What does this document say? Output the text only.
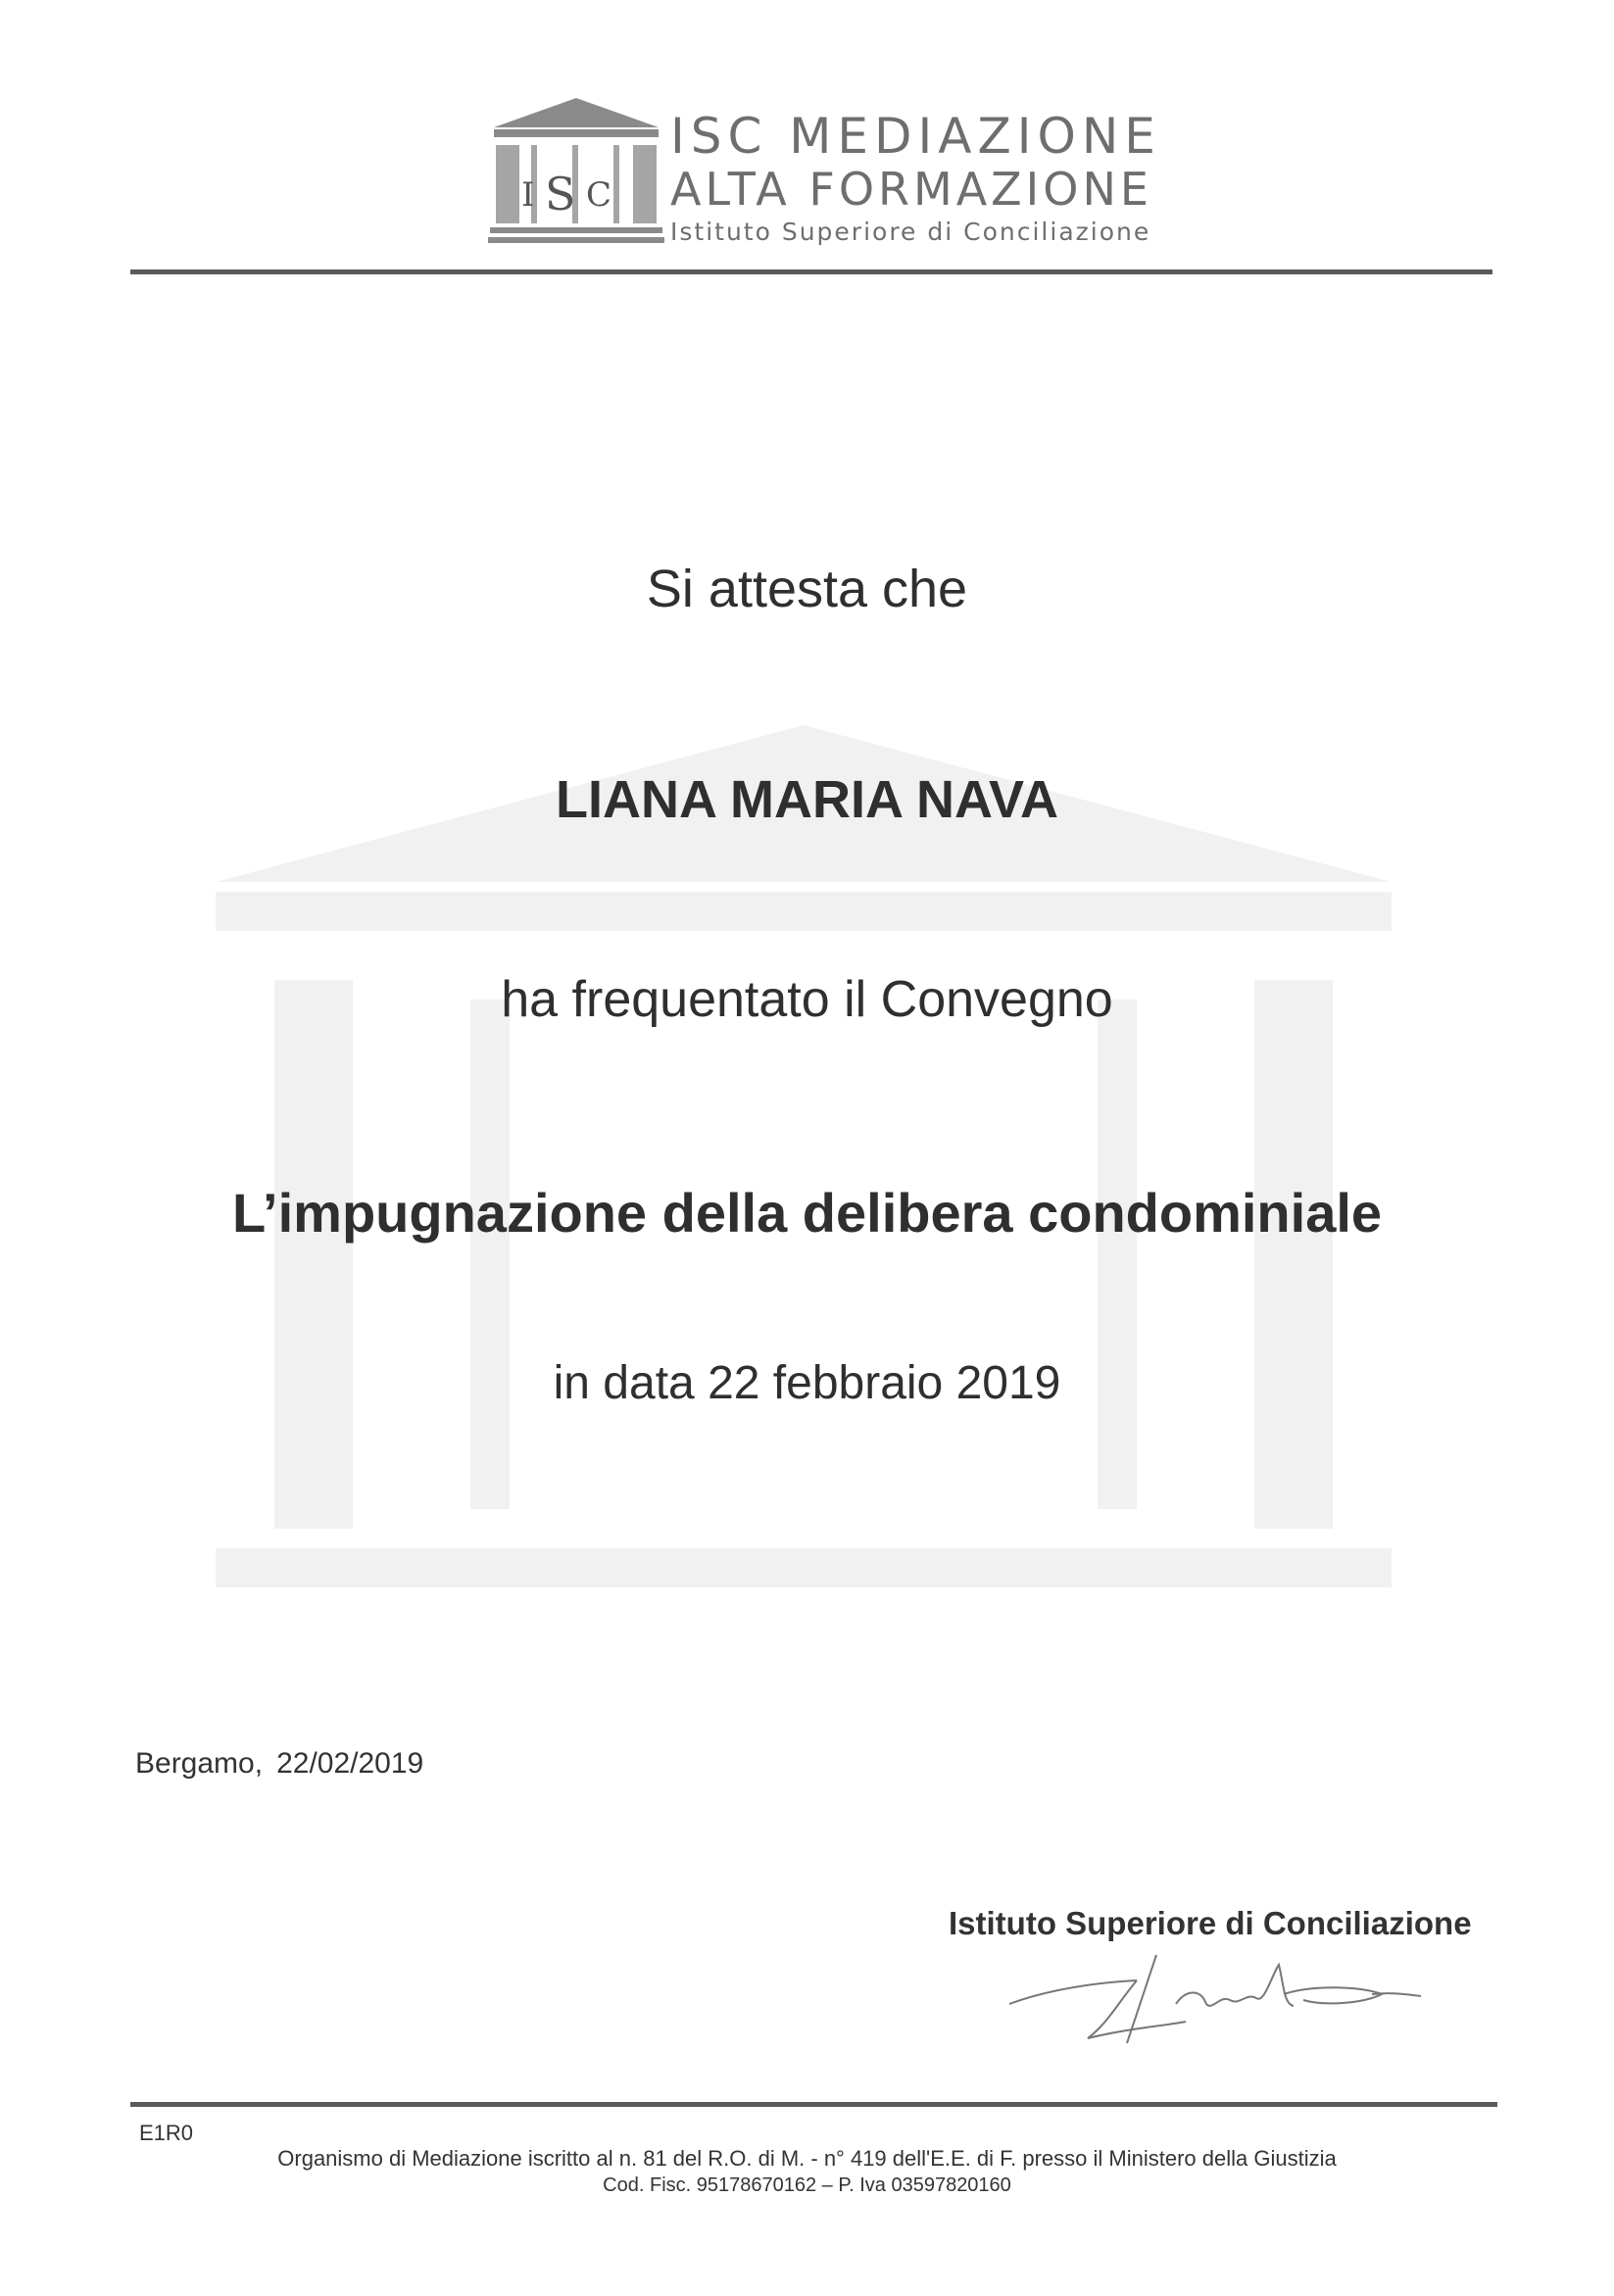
I S C
ISC MEDIAZIONE
ALTA FORMAZIONE
Istituto Superiore di Conciliazione
Si attesta che
LIANA MARIA NAVA
ha frequentato il Convegno
L’impugnazione della delibera condominiale
in data 22 febbraio 2019
Bergamo, 22/02/2019
Istituto Superiore di Conciliazione
E1R0
Organismo di Mediazione iscritto al n. 81 del R.O. di M. - n° 419 dell'E.E. di F. presso il Ministero della Giustizia
Cod. Fisc. 95178670162 – P. Iva 03597820160
